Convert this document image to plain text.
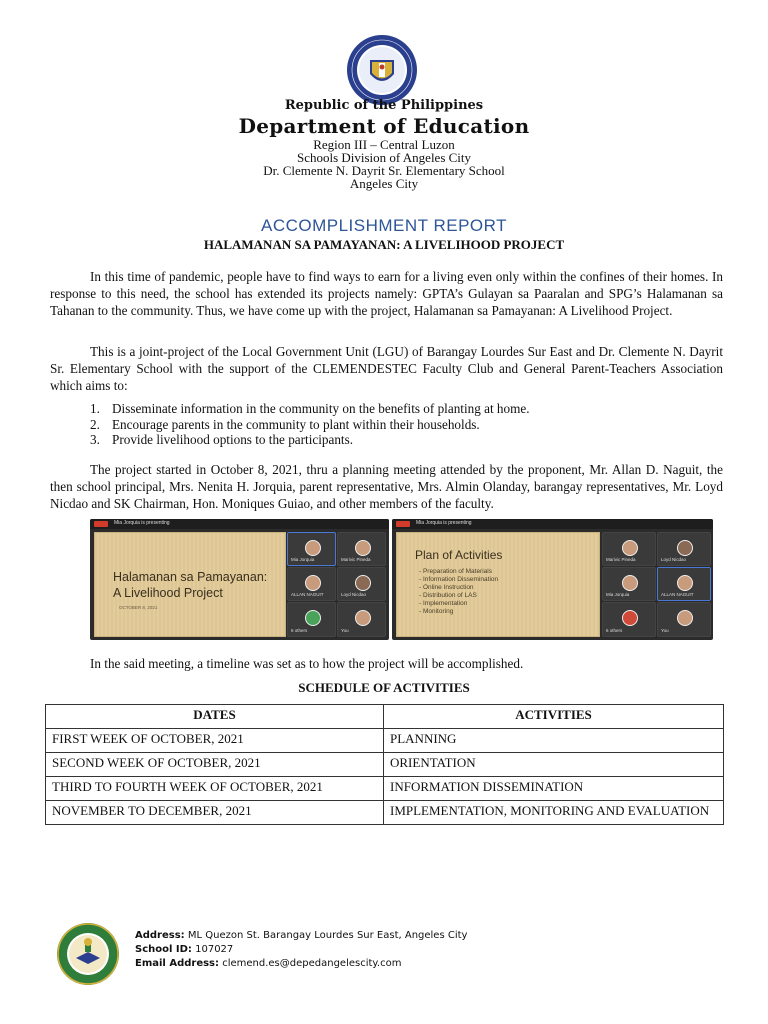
Republic of the Philippines
Department of Education
Region III – Central Luzon
Schools Division of Angeles City
Dr. Clemente N. Dayrit Sr. Elementary School
Angeles City
ACCOMPLISHMENT REPORT
HALAMANAN SA PAMAYANAN: A LIVELIHOOD PROJECT
In this time of pandemic, people have to find ways to earn for a living even only within the confines of their homes. In response to this need, the school has extended its projects namely: GPTA’s Gulayan sa Paaralan and SPG’s Halamanan sa Tahanan to the community. Thus, we have come up with the project, Halamanan sa Pamayanan: A Livelihood Project.
This is a joint-project of the Local Government Unit (LGU) of Barangay Lourdes Sur East and Dr. Clemente N. Dayrit Sr. Elementary School with the support of the CLEMENDESTEC Faculty Club and General Parent-Teachers Association which aims to:
1. Disseminate information in the community on the benefits of planting at home.
2. Encourage parents in the community to plant within their households.
3. Provide livelihood options to the participants.
The project started in October 8, 2021, thru a planning meeting attended by the proponent, Mr. Allan D. Naguit, the then school principal, Mrs. Nenita H. Jorquia, parent representative, Mrs. Almin Olanday, barangay representatives, Mr. Loyd Nicdao and SK Chairman, Hon. Moniques Guiao, and other members of the faculty.
Mia Jorquia is presenting
Halamanan sa Pamayanan:
A Livelihood Project
OCTOBER 8, 2021
Mia Jorquia	Marivic Pineda
ALLAN NAGUIT	Loyd Nicdao
6 others	You
Mia Jorquia is presenting
Plan of Activities
- Preparation of Materials
- Information Dissemination
- Online Instruction
- Distribution of LAS
- Implementation
- Monitoring
Marivic Pineda	Loyd Nicdao
Mia Jorquia	ALLAN NAGUIT
6 others	You
In the said meeting, a timeline was set as to how the project will be accomplished.
SCHEDULE OF ACTIVITIES
DATES	ACTIVITIES
FIRST WEEK OF OCTOBER, 2021	PLANNING
SECOND WEEK OF OCTOBER, 2021	ORIENTATION
THIRD TO FOURTH WEEK OF OCTOBER, 2021	INFORMATION DISSEMINATION
NOVEMBER TO DECEMBER, 2021	IMPLEMENTATION, MONITORING AND EVALUATION
Address: ML Quezon St. Barangay Lourdes Sur East, Angeles City
School ID: 107027
Email Address: clemend.es@depedangelescity.com
